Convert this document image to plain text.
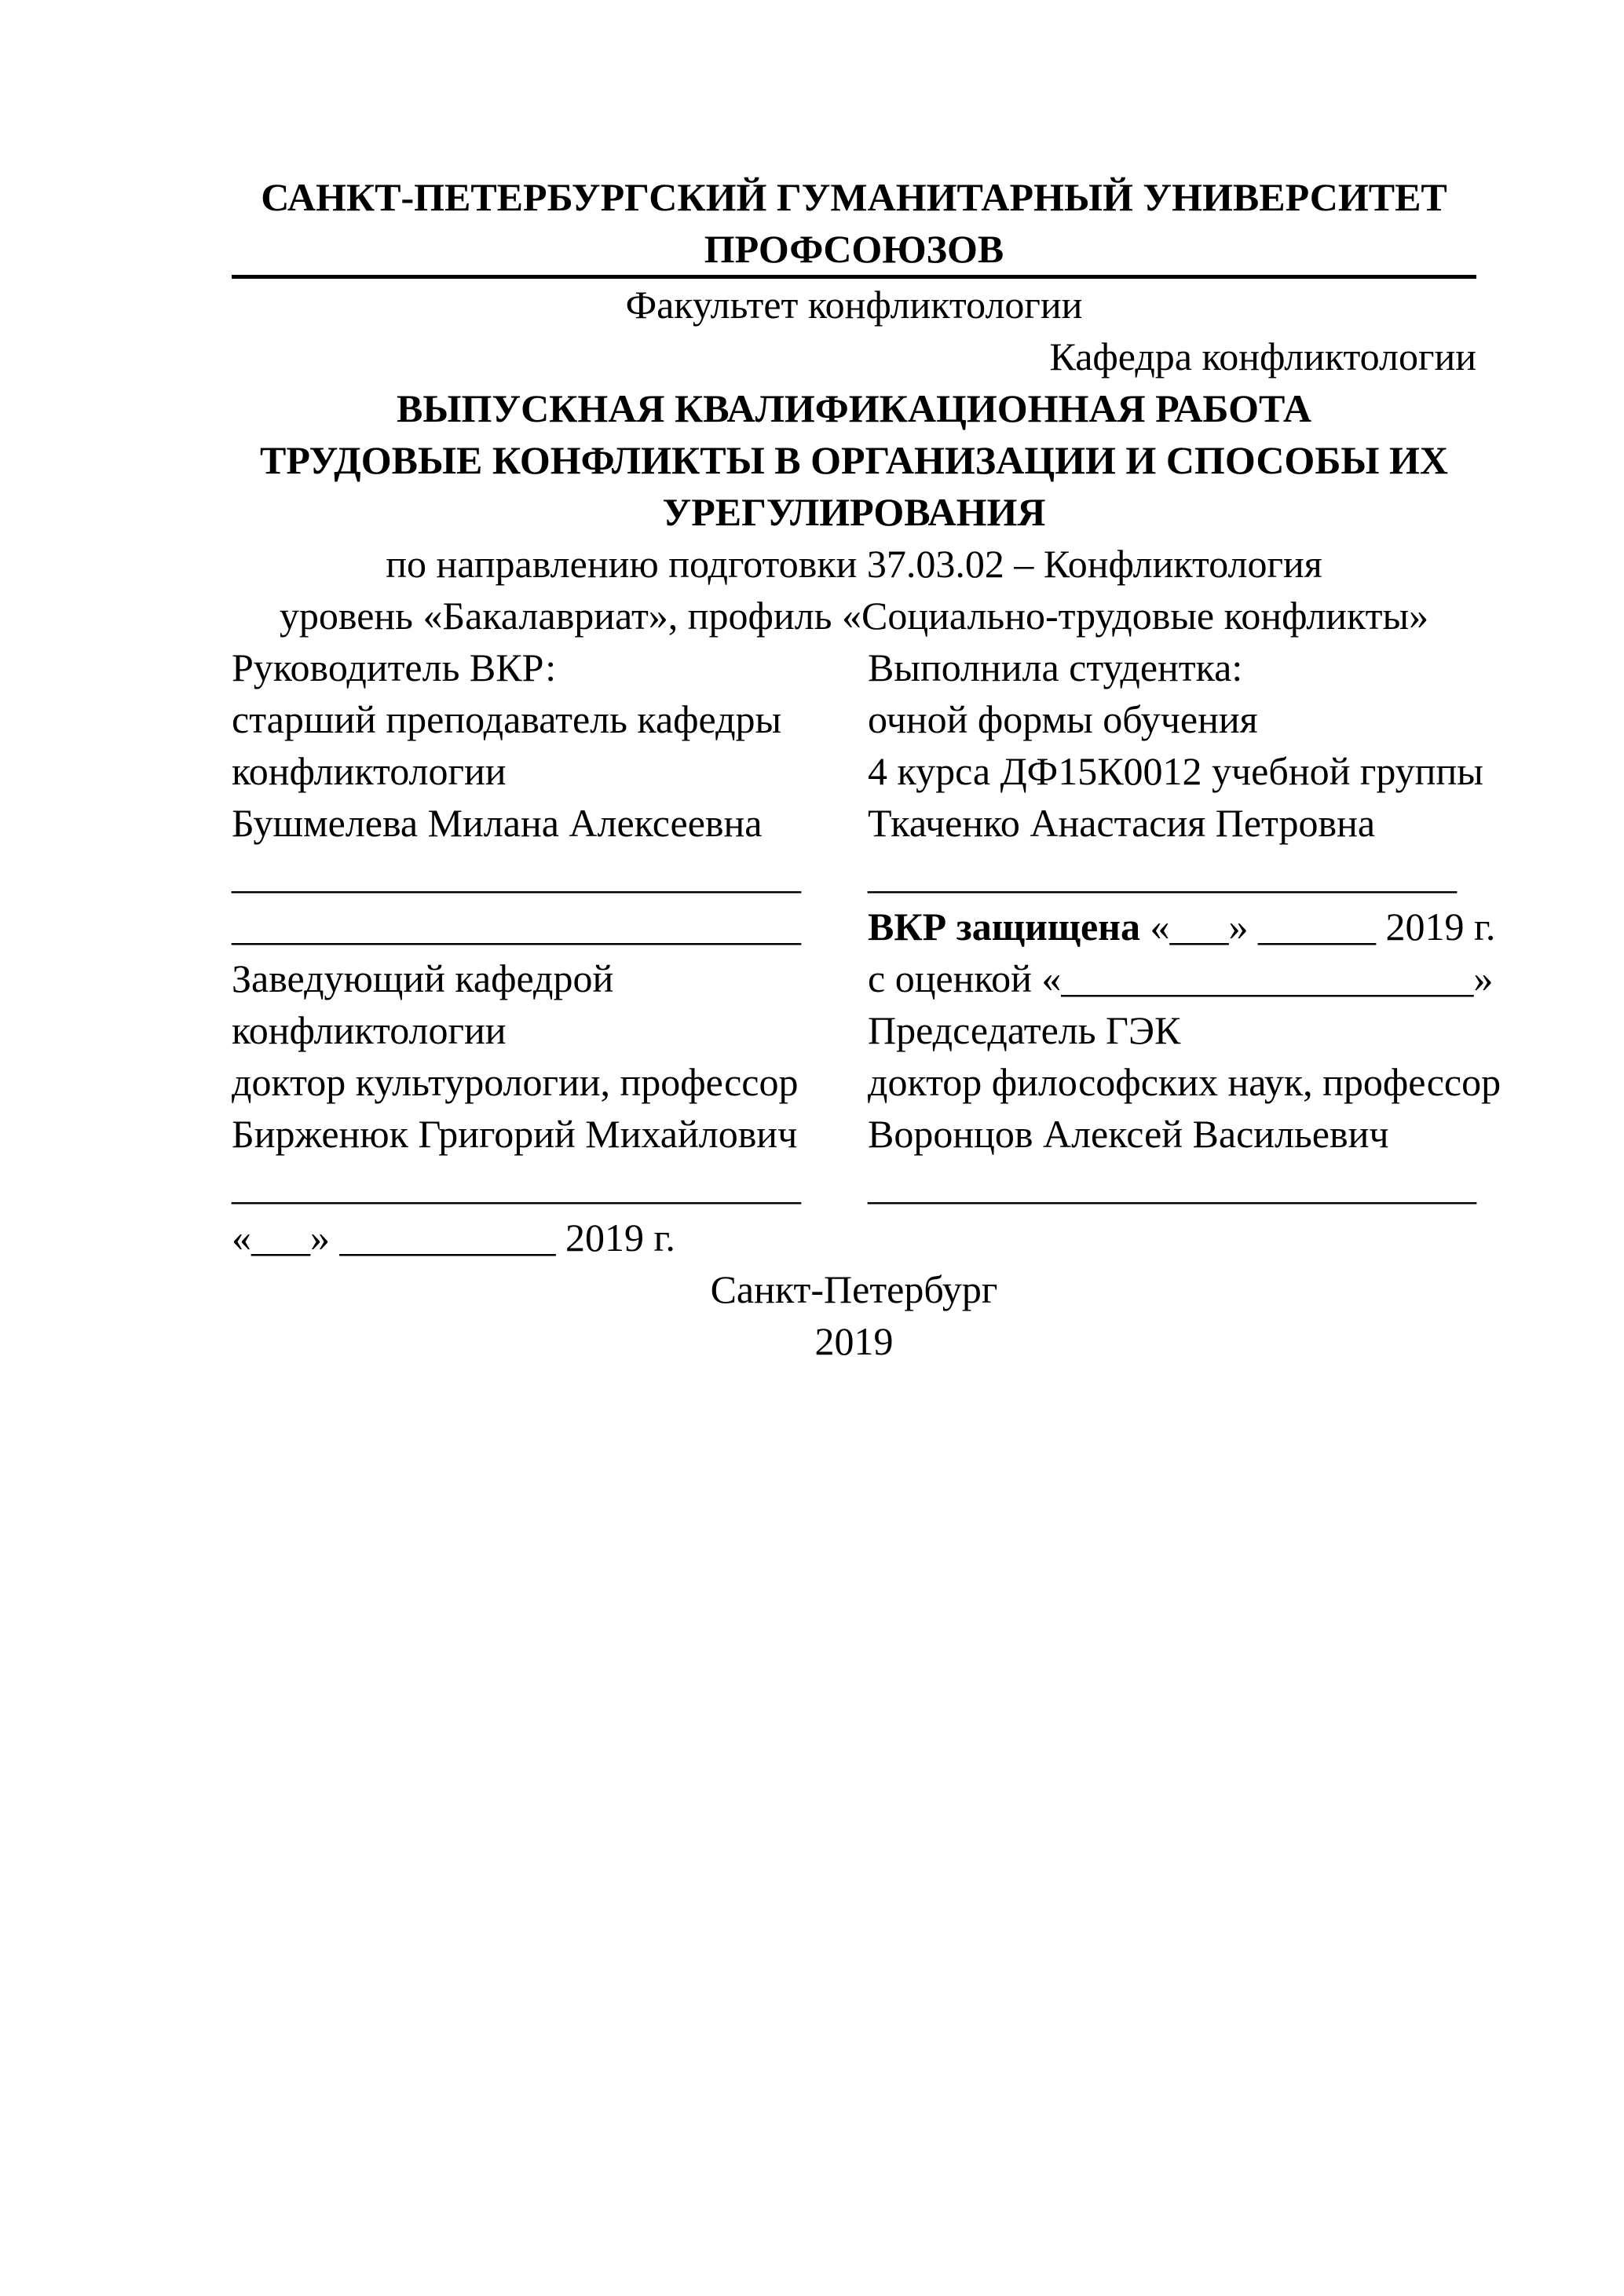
САНКТ-ПЕТЕРБУРГСКИЙ ГУМАНИТАРНЫЙ УНИВЕРСИТЕТ
ПРОФСОЮЗОВ
Факультет конфликтологии
Кафедра конфликтологии
ВЫПУСКНАЯ КВАЛИФИКАЦИОННАЯ РАБОТА
ТРУДОВЫЕ КОНФЛИКТЫ В ОРГАНИЗАЦИИ И СПОСОБЫ ИХ
УРЕГУЛИРОВАНИЯ
по направлению подготовки 37.03.02 – Конфликтология
уровень «Бакалавриат», профиль «Социально-трудовые конфликты»

Руководитель ВКР:

старший преподаватель кафедры

конфликтологии

Бушмелева Милана Алексеевна

_____________________________

_____________________________

Заведующий кафедрой

конфликтологии

доктор культурологии, профессор

Бирженюк Григорий Михайлович

_____________________________

«___» ___________ 2019 г.

Выполнила студентка:

очной формы обучения

4 курса ДФ15К0012 учебной группы

Ткаченко Анастасия Петровна

______________________________

ВКР защищена «___» ______ 2019 г.

с оценкой «_____________________»

Председатель ГЭК

доктор философских наук, профессор

Воронцов Алексей Васильевич

_______________________________

Санкт-Петербург
2019
